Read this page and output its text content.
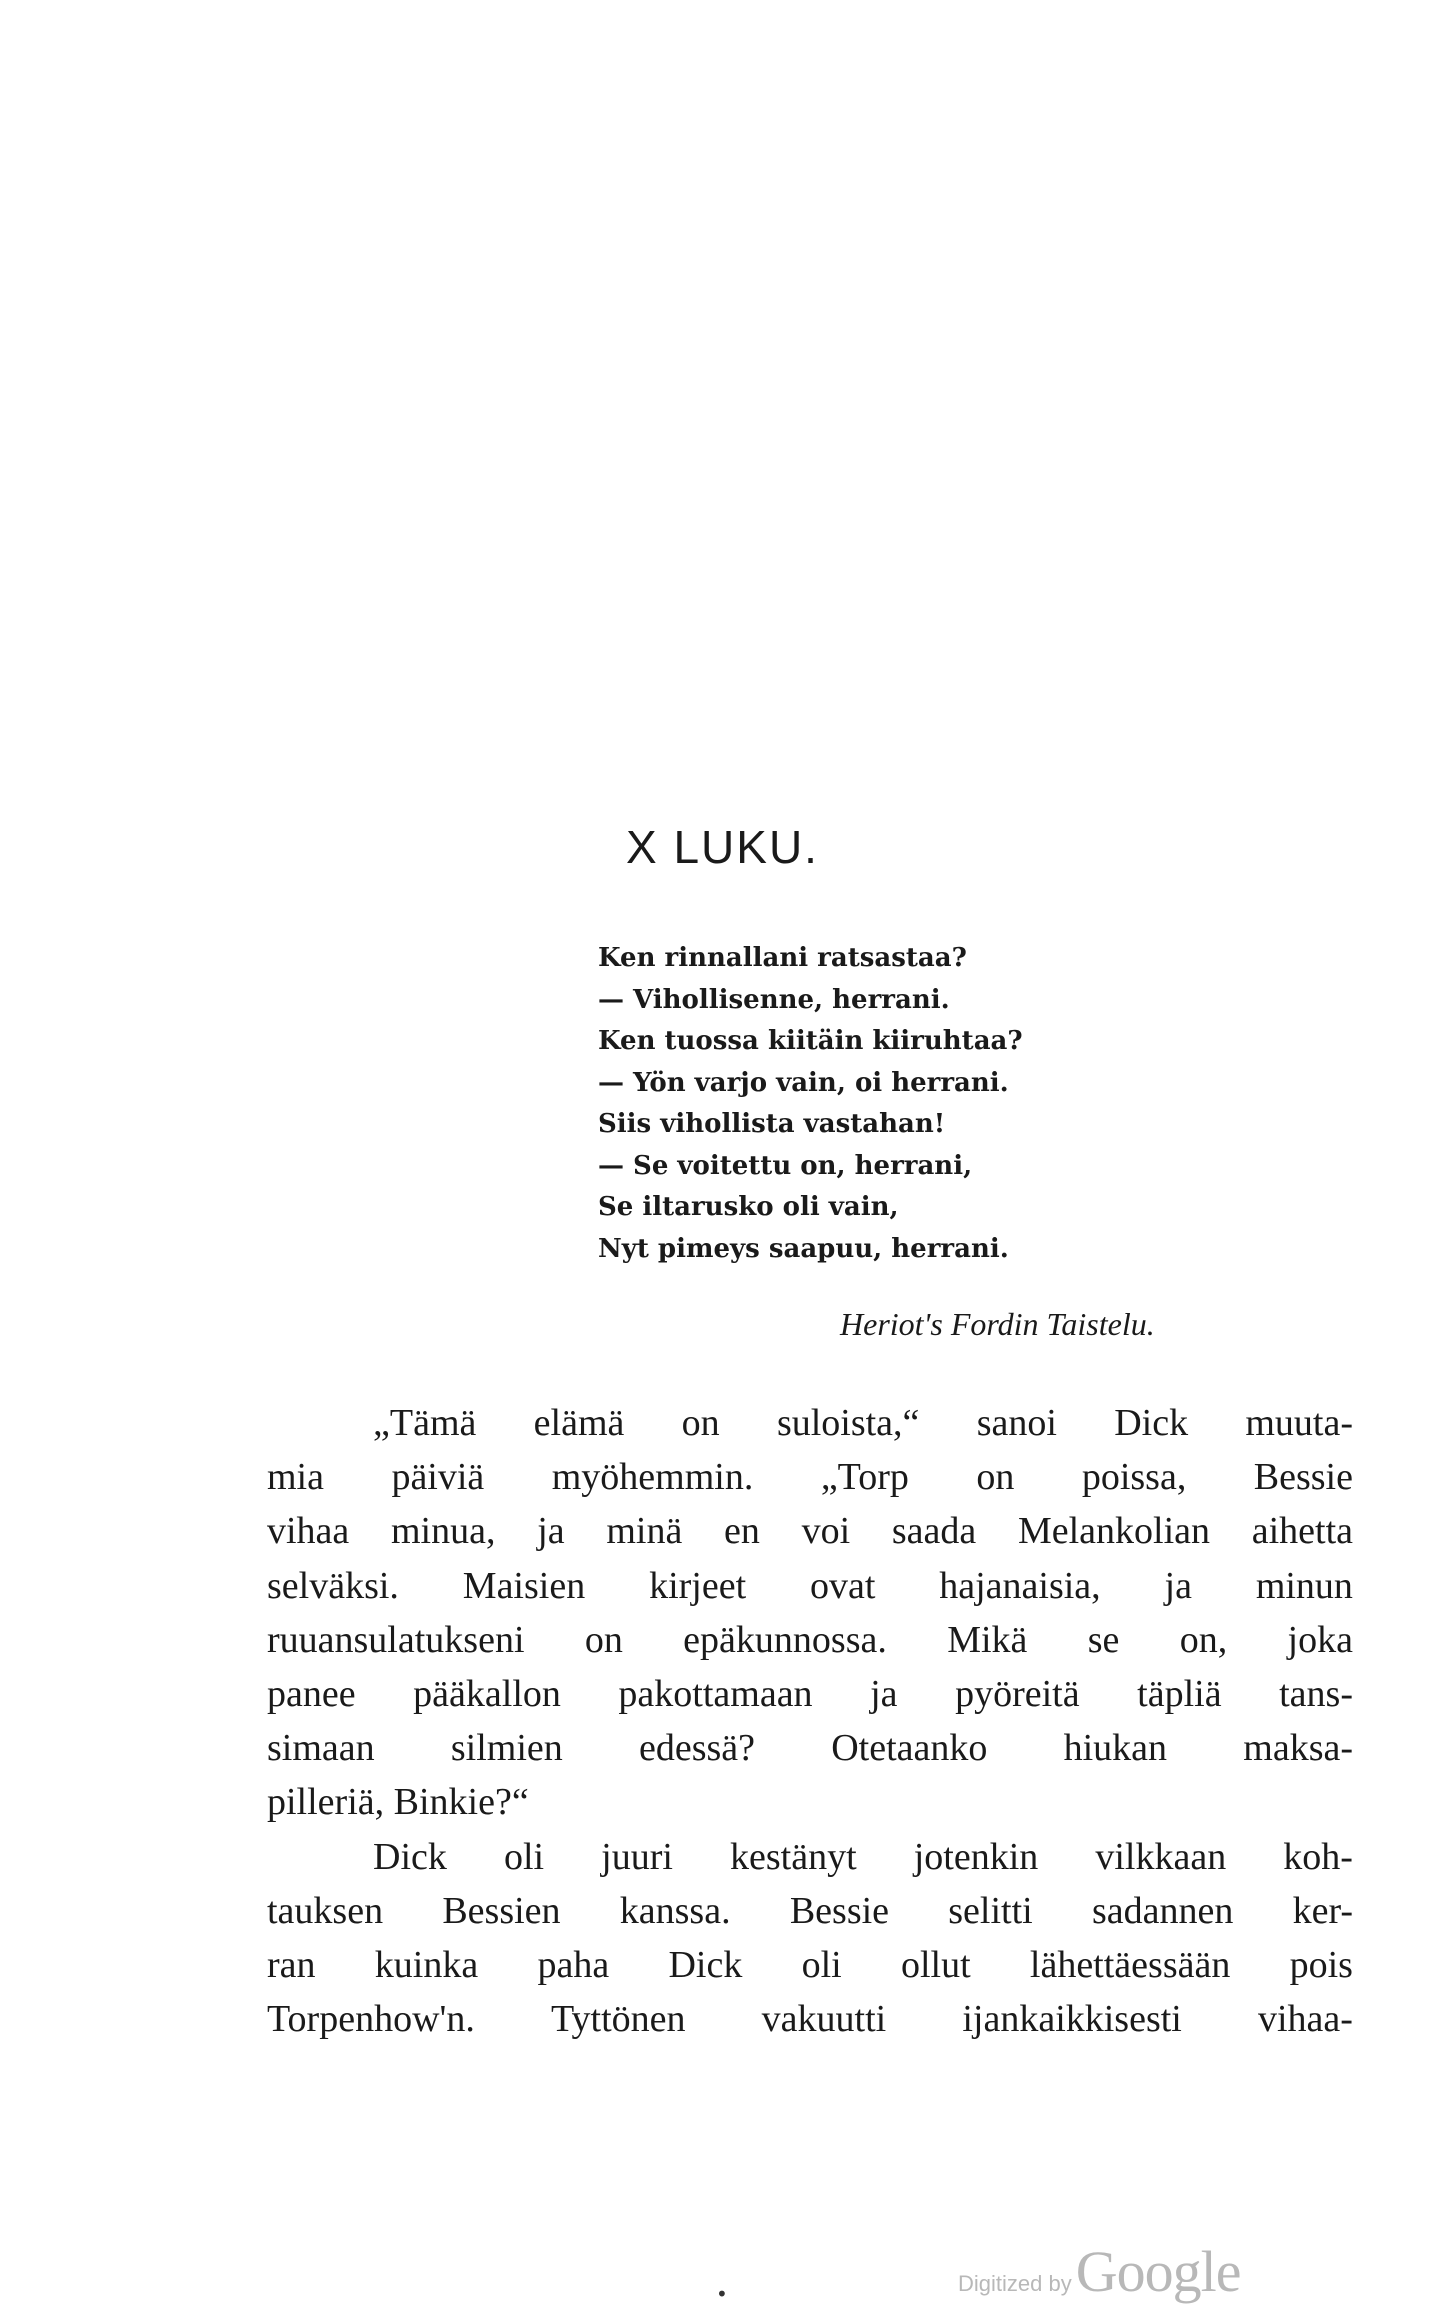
X LUKU.
Ken rinnallani ratsastaa?
— Vihollisenne, herrani.
Ken tuossa kiitäin kiiruhtaa?
— Yön varjo vain, oi herrani.
Siis vihollista vastahan!
— Se voitettu on, herrani,
Se iltarusko oli vain,
Nyt pimeys saapuu, herrani.
Heriot's Fordin Taistelu.
„Tämä elämä on suloista,“ sanoi Dick muuta-
mia päiviä myöhemmin. „Torp on poissa, Bessie
vihaa minua, ja minä en voi saada Melankolian aihetta
selväksi. Maisien kirjeet ovat hajanaisia, ja minun
ruuansulatukseni on epäkunnossa. Mikä se on, joka
panee pääkallon pakottamaan ja pyöreitä täpliä tans-
simaan silmien edessä? Otetaanko hiukan maksa-
pilleriä, Binkie?“
Dick oli juuri kestänyt jotenkin vilkkaan koh-
tauksen Bessien kanssa. Bessie selitti sadannen ker-
ran kuinka paha Dick oli ollut lähettäessään pois
Torpenhow'n. Tyttönen vakuutti ijankaikkisesti vihaa-
•	Digitized by Google
